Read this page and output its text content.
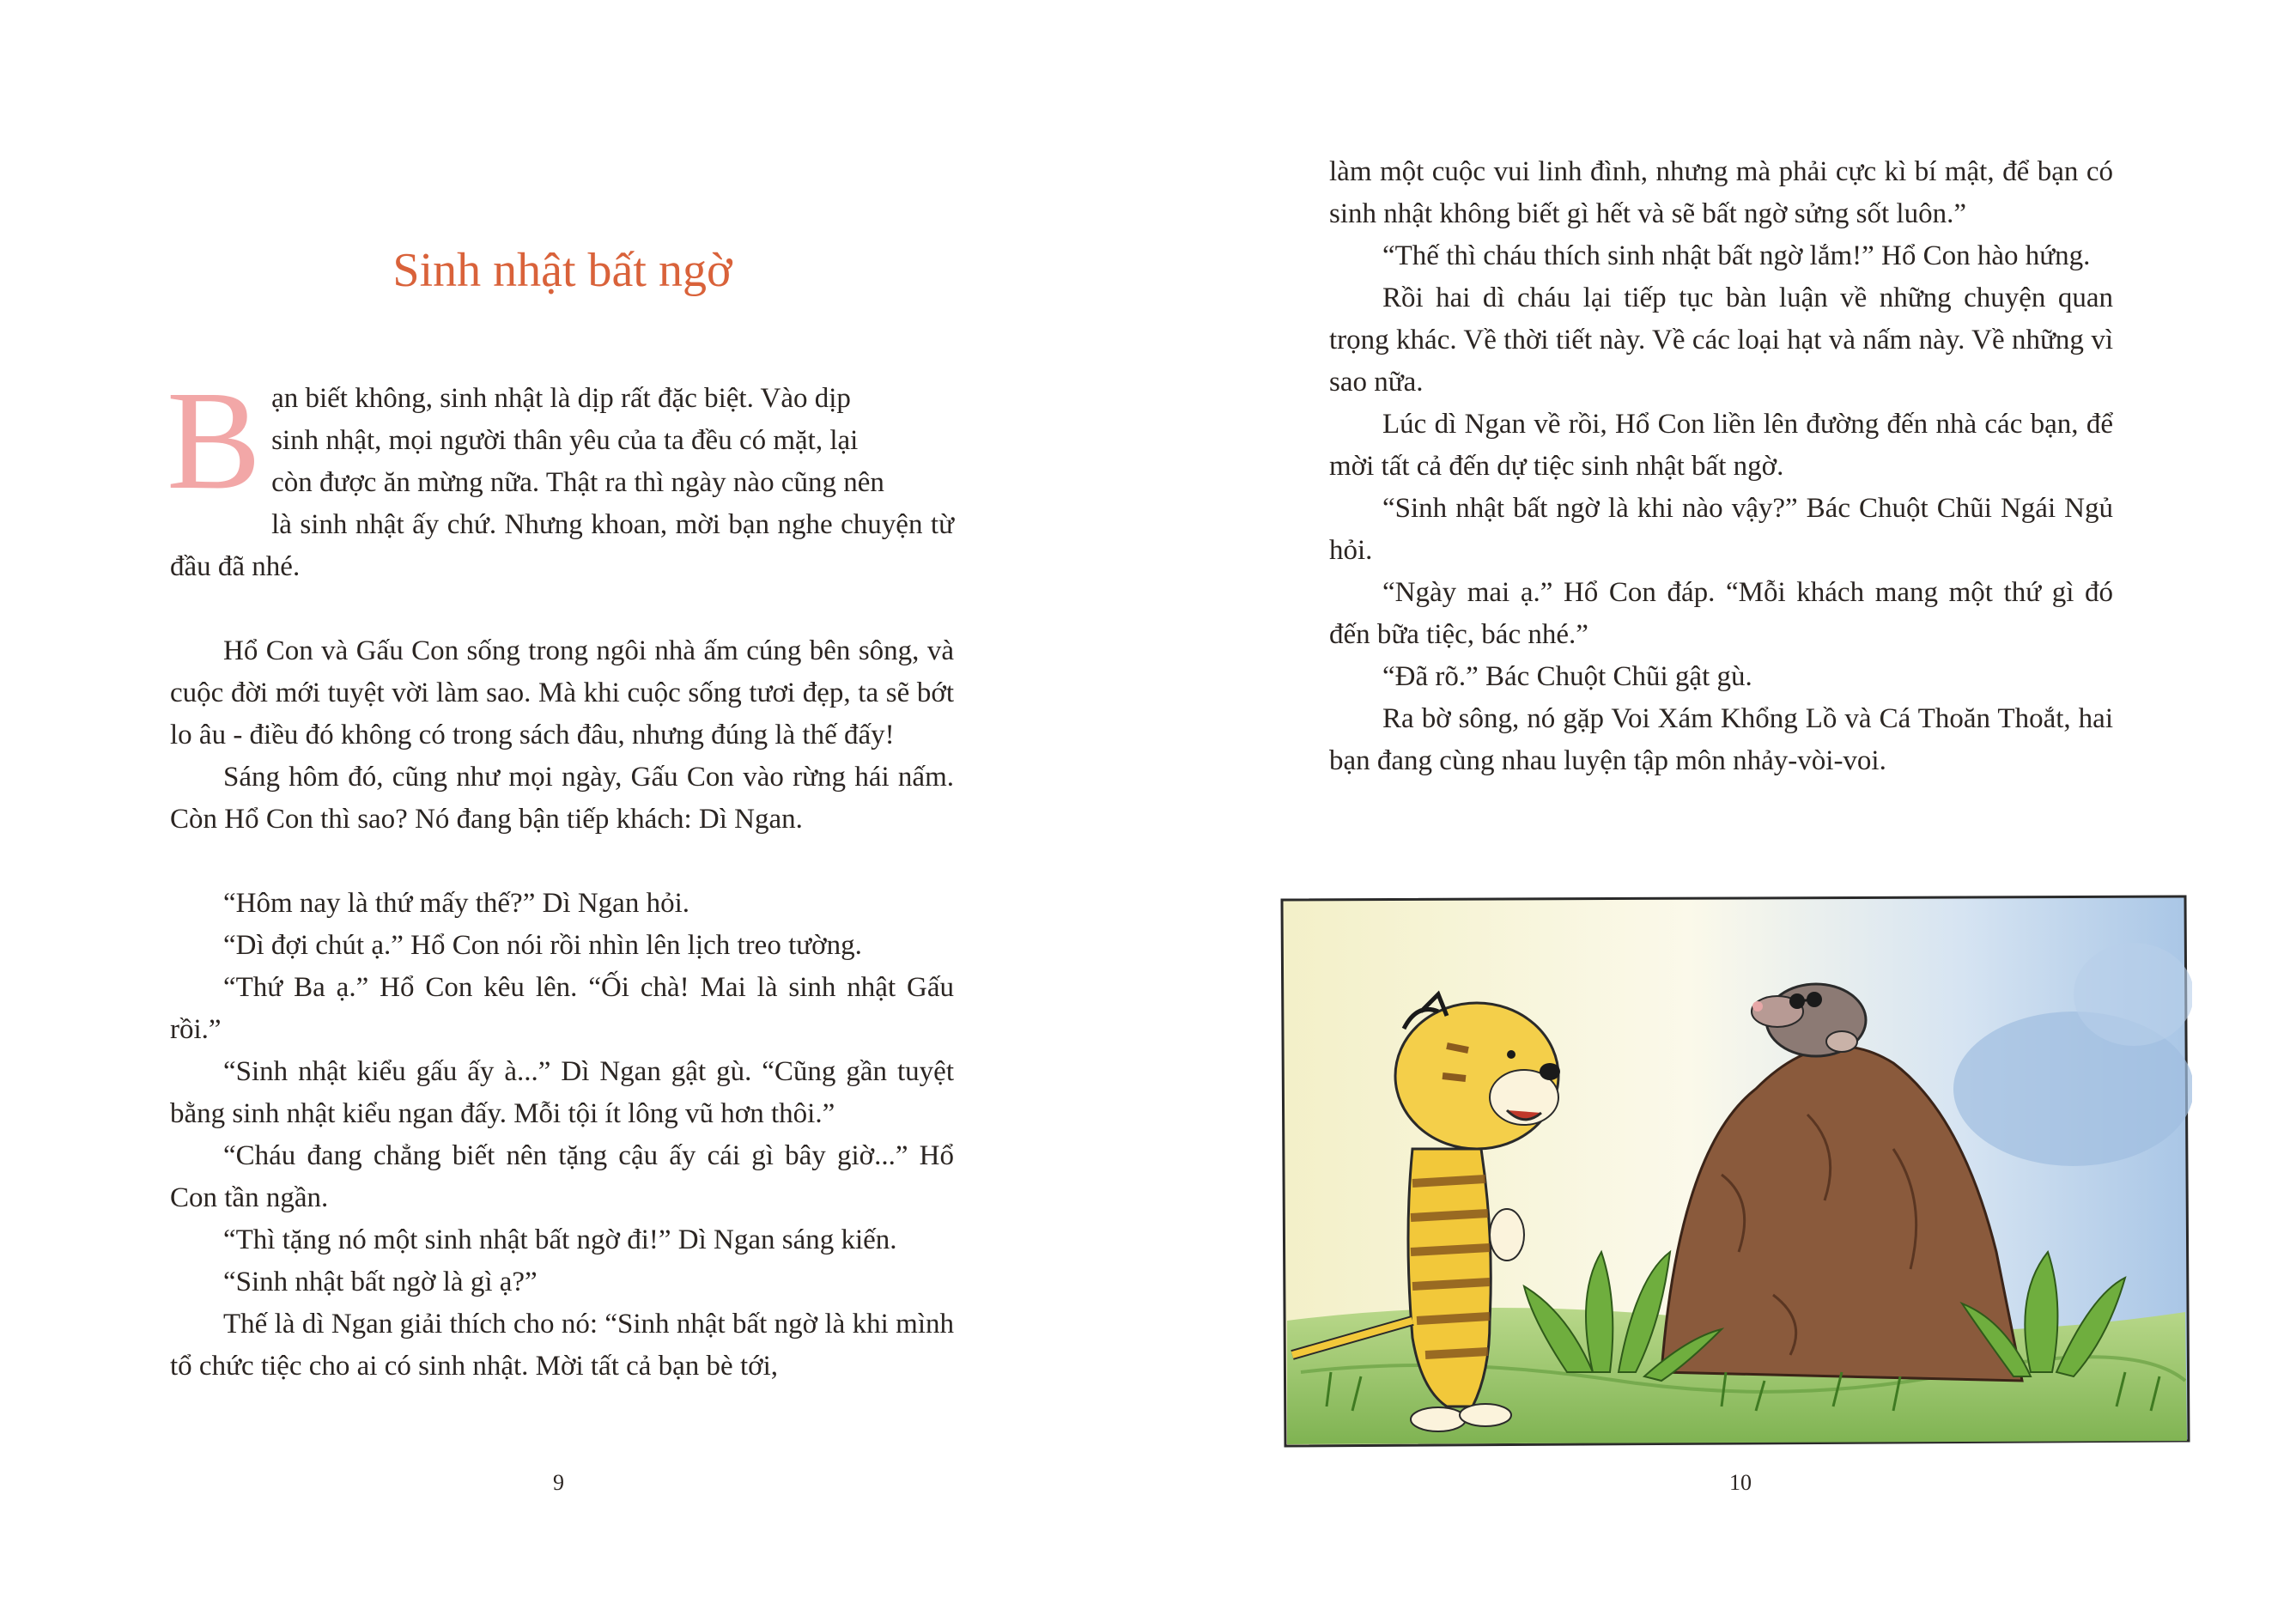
Sinh nhật bất ngờ
B ạn biết không, sinh nhật là dịp rất đặc biệt. Vào dịp

sinh nhật, mọi người thân yêu của ta đều có mặt, lại

còn được ăn mừng nữa. Thật ra thì ngày nào cũng nên

là sinh nhật ấy chứ. Nhưng khoan, mời bạn nghe chuyện từ đầu đã nhé.

Hổ Con và Gấu Con sống trong ngôi nhà ấm cúng bên sông, và cuộc đời mới tuyệt vời làm sao. Mà khi cuộc sống tươi đẹp, ta sẽ bớt lo âu - điều đó không có trong sách đâu, nhưng đúng là thế đấy!

Sáng hôm đó, cũng như mọi ngày, Gấu Con vào rừng hái nấm. Còn Hổ Con thì sao? Nó đang bận tiếp khách: Dì Ngan.

“Hôm nay là thứ mấy thế?” Dì Ngan hỏi.

“Dì đợi chút ạ.” Hổ Con nói rồi nhìn lên lịch treo tường.

“Thứ Ba ạ.” Hổ Con kêu lên. “Ối chà! Mai là sinh nhật Gấu rồi.”

“Sinh nhật kiểu gấu ấy à...” Dì Ngan gật gù. “Cũng gần tuyệt bằng sinh nhật kiểu ngan đấy. Mỗi tội ít lông vũ hơn thôi.”

“Cháu đang chẳng biết nên tặng cậu ấy cái gì bây giờ...” Hổ Con tần ngần.

“Thì tặng nó một sinh nhật bất ngờ đi!” Dì Ngan sáng kiến.

“Sinh nhật bất ngờ là gì ạ?”

Thế là dì Ngan giải thích cho nó: “Sinh nhật bất ngờ là khi mình tổ chức tiệc cho ai có sinh nhật. Mời tất cả bạn bè tới,

9

làm một cuộc vui linh đình, nhưng mà phải cực kì bí mật, để bạn có sinh nhật không biết gì hết và sẽ bất ngờ sửng sốt luôn.”

“Thế thì cháu thích sinh nhật bất ngờ lắm!” Hổ Con hào hứng.

Rồi hai dì cháu lại tiếp tục bàn luận về những chuyện quan trọng khác. Về thời tiết này. Về các loại hạt và nấm này. Về những vì sao nữa.

Lúc dì Ngan về rồi, Hổ Con liền lên đường đến nhà các bạn, để mời tất cả đến dự tiệc sinh nhật bất ngờ.

“Sinh nhật bất ngờ là khi nào vậy?” Bác Chuột Chũi Ngái Ngủ hỏi.

“Ngày mai ạ.” Hổ Con đáp. “Mỗi khách mang một thứ gì đó đến bữa tiệc, bác nhé.”

“Đã rõ.” Bác Chuột Chũi gật gù.

Ra bờ sông, nó gặp Voi Xám Khổng Lồ và Cá Thoăn Thoắt, hai bạn đang cùng nhau luyện tập môn nhảy-vòi-voi.

10
